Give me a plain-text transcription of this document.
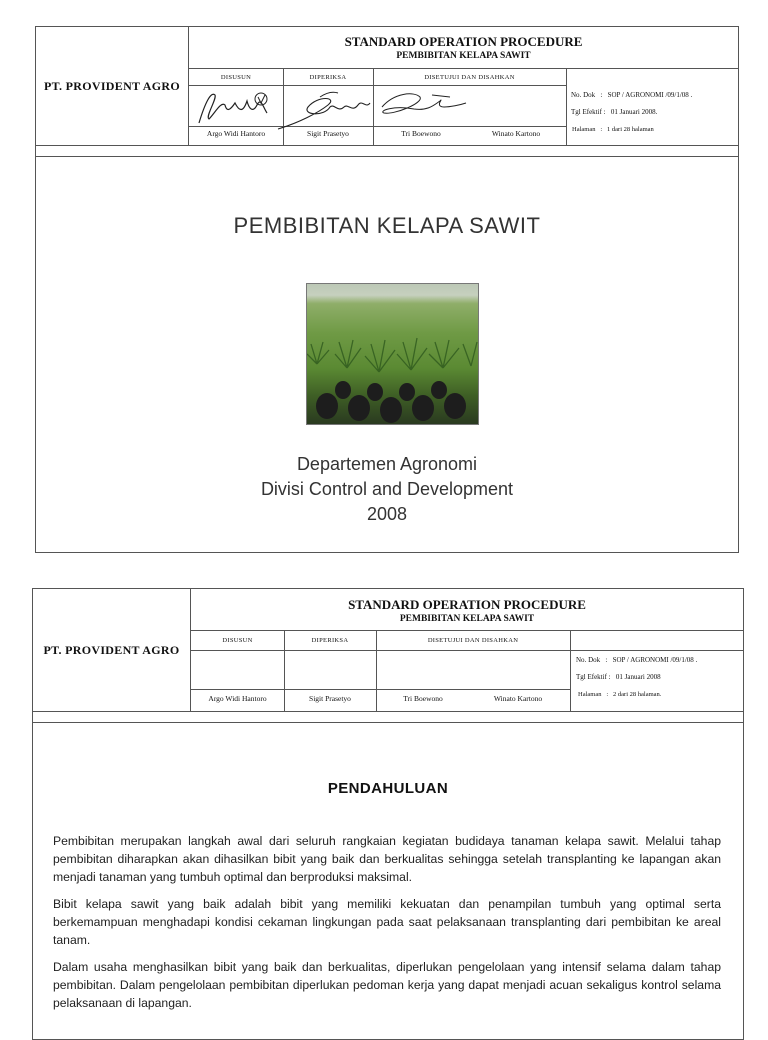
PT. PROVIDENT AGRO
STANDARD OPERATION PROCEDURE
PEMBIBITAN KELAPA SAWIT
DISUSUN	DIPERIKSA	DISETUJUI DAN DISAHKAN
Argo Widi Hantoro	Sigit Prasetyo	Tri Boewono	Winato Kartono
No. Dok   :   SOP / AGRONOMI /09/1/08 .
Tgl Efektif : 01 Januari 2008.
Halaman   :   1 dari 28 halaman
PEMBIBITAN KELAPA SAWIT
Departemen Agronomi
Divisi Control and Development
2008
PT. PROVIDENT AGRO
STANDARD OPERATION PROCEDURE
PEMBIBITAN KELAPA SAWIT
DISUSUN	DIPERIKSA	DISETUJUI DAN DISAHKAN
Argo Widi Hantoro	Sigit Prasetyo	Tri Boewono	Winato Kartono
No. Dok   :   SOP / AGRONOMI /09/1/08 .
Tgl Efektif : 01 Januari 2008
Halaman   :   2 dari 28 halaman.
PENDAHULUAN

Pembibitan merupakan langkah awal dari seluruh rangkaian kegiatan budidaya tanaman kelapa sawit. Melalui tahap pembibitan diharapkan akan dihasilkan bibit yang baik dan berkualitas sehingga setelah transplanting ke lapangan akan menjadi tanaman yang tumbuh optimal dan berproduksi maksimal.

Bibit kelapa sawit yang baik adalah bibit yang memiliki kekuatan dan penampilan tumbuh yang optimal serta berkemampuan menghadapi kondisi cekaman lingkungan pada saat pelaksanaan transplanting dari pembibitan ke areal tanam.

Dalam usaha menghasilkan bibit yang baik dan berkualitas, diperlukan pengelolaan yang intensif selama dalam tahap pembibitan. Dalam pengelolaan pembibitan diperlukan pedoman kerja yang dapat menjadi acuan sekaligus kontrol selama pelaksanaan di lapangan.
